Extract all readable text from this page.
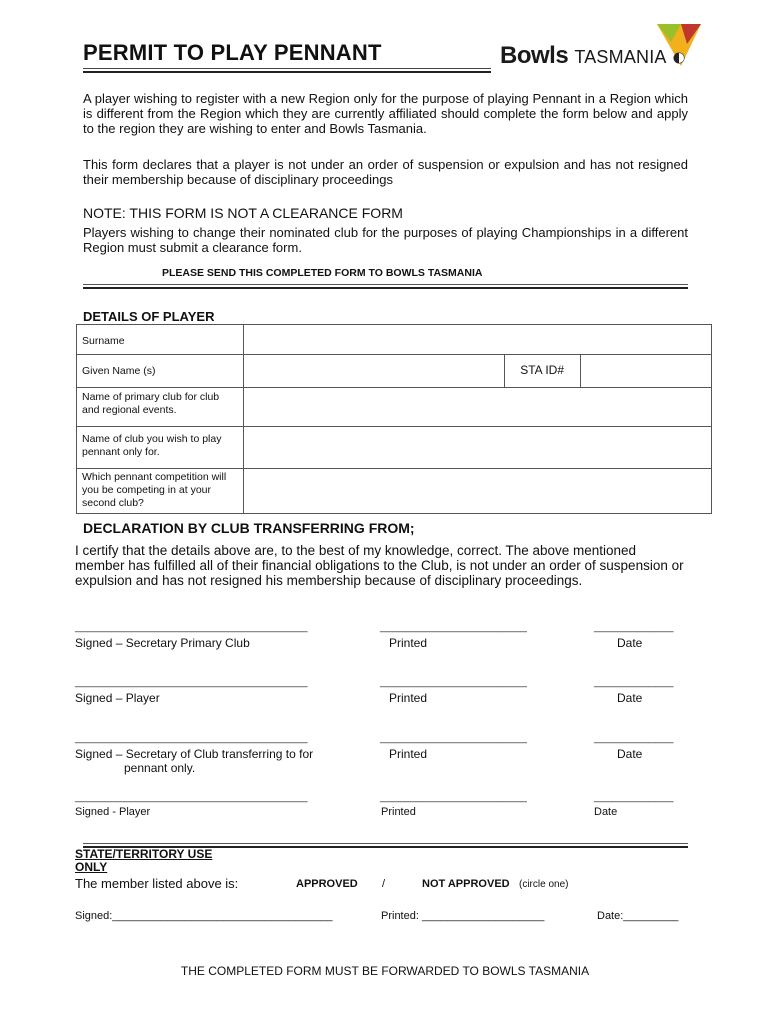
PERMIT TO PLAY PENNANT	Bowls TASMANIA
A player wishing to register with a new Region only for the purpose of playing Pennant in a Region which is different from the Region which they are currently affiliated should complete the form below and apply to the region they are wishing to enter and Bowls Tasmania.
This form declares that a player is not under an order of suspension or expulsion and has not resigned their membership because of disciplinary proceedings
NOTE: THIS FORM IS NOT A CLEARANCE FORM
Players wishing to change their nominated club for the purposes of playing Championships in a different Region must submit a clearance form.
PLEASE SEND THIS COMPLETED FORM TO BOWLS TASMANIA
DETAILS OF PLAYER
Surname	
Given Name (s)	STA ID#

Name of primary club for club and regional events.	
Name of club you wish to play pennant only for.	
Which pennant competition will you be competing in at your second club?	
DECLARATION BY CLUB TRANSFERRING FROM;
I certify that the details above are, to the best of my knowledge, correct. The above mentioned member has fulfilled all of their financial obligations to the Club, is not under an order of suspension or expulsion and has not resigned his membership because of disciplinary proceedings.
______________________________________	________________________	_____________
Signed – Secretary Primary Club	Printed	Date
______________________________________	________________________	_____________
Signed – Player	Printed	Date
______________________________________	________________________	_____________
Signed – Secretary of Club transferring to for
pennant only.
Printed	Date
______________________________________	________________________	_____________
Signed - Player	Printed	Date
STATE/TERRITORY USE
ONLY
The member listed above is:	APPROVED /	NOT APPROVED (circle one)
Signed:____________________________________	Printed: ____________________	Date:_________
THE COMPLETED FORM MUST BE FORWARDED TO BOWLS TASMANIA
